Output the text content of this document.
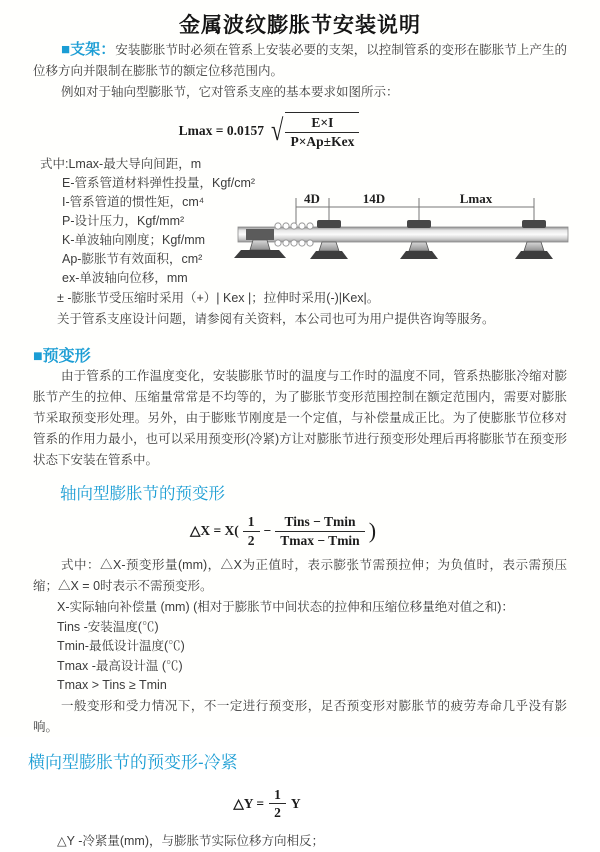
金属波纹膨胀节安装说明

■支架：安装膨胀节时必须在管系上安装必要的支架，以控制管系的变形在膨胀节上产生的位移方向并限制在膨胀节的额定位移范围内。

例如对于轴向型膨胀节，它对管系支座的基本要求如图所示：

Lmax = 0.0157 √ $\frac{E\times I}{\text{P×Ap±Kex}}$
式中:Lmax-最大导向间距，m
E-管系管道材料弹性投量，Kgf/cm²
I-管系管道的惯性矩，cm⁴
P-设计压力，Kgf/mm²
K-单波轴向刚度；Kgf/mm
Ap-膨胀节有效面积，cm²
ex-单波轴向位移，mm

± -膨胀节受压缩时采用（+）| Kex |；拉伸时采用(-)|Kex|。

关于管系支座设计问题，请参阅有关资料，本公司也可为用户提供咨询等服务。

■预变形

由于管系的工作温度变化，安装膨胀节时的温度与工作时的温度不同，管系热膨胀冷缩对膨胀节产生的拉伸、压缩量常常是不均等的，为了膨胀节变形范围控制在额定范围内，需要对膨胀节采取预变形处理。另外，由于膨账节刚度是一个定值，与补偿量成正比。为了使膨胀节位移对管系的作用力最小，也可以采用预变形(冷紧)方让对膨胀节进行预变形处理后再将膨胀节在预变形状态下安装在管系中。

轴向型膨胀节的预变形
△X = $X( \frac{1}{2} - \frac{\text{Tins − Tmin}}{Tmax - Tmin}$ )

式中：△X-预变形量(mm)，△X为正值时，表示膨张节需预拉伸；为负值时，表示需预压缩；△X = 0时表示不需预变形。

X-实际轴向补偿量 (mm) (相对于膨胀节中间状态的拉伸和压缩位移量绝对值之和)：
Tins -安装温度(℃)
Tmin-最低设计温度(℃)
Tmax -最高设计温 (℃)
Tmax > Tins ≥ Tmin

一般变形和受力情况下，不一定进行预变形，足否预变形对膨胀节的疲劳寿命几乎没有影响。

横向型膨胀节的预变形-冷紧
△Y = $\frac{1}{2}$ Y

△Y -冷紧量(mm)，与膨胀节实际位移方向相反；

4D	14D	Lmax
